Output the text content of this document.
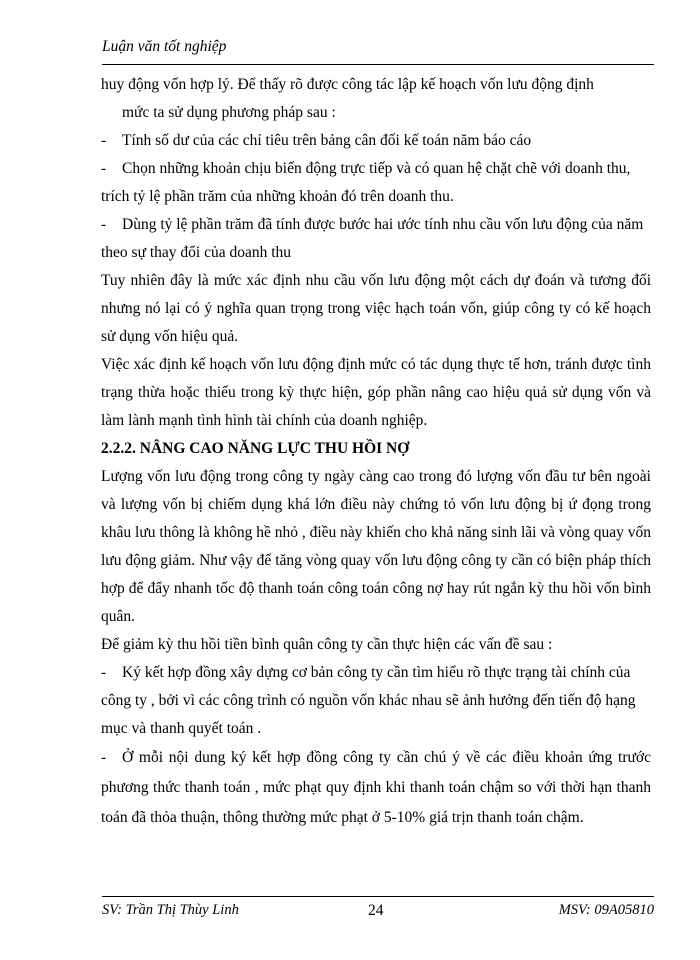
Luận văn tốt nghiệp

huy động vốn hợp lý. Để thấy rõ được công tác lập kế hoạch vốn lưu động định

mức ta sử dụng phương pháp sau :

-	Tính số dư của các chỉ tiêu trên bảng cân đối kế toán năm báo cáo
- Chọn những khoản chịu biến động trực tiếp và có quan hệ chặt chẽ với doanh thu, trích tỷ lệ phần trăm của những khoản đó trên doanh thu.
- Dùng tỷ lệ phần trăm đã tính được bước hai ước tính nhu cầu vốn lưu động của năm theo sự thay đổi của doanh thu

Tuy nhiên đây là mức xác định nhu cầu vốn lưu động một cách dự đoán và tương đối nhưng nó lại có ý nghĩa quan trọng trong việc hạch toán vốn, giúp công ty có kế hoạch sử dụng vốn hiệu quả.

Việc xác định kế hoạch vốn lưu động định mức có tác dụng thực tế hơn, tránh được tình trạng thừa hoặc thiếu trong kỳ thực hiện, góp phần nâng cao hiệu quả sử dụng vốn và làm lành mạnh tình hình tài chính của doanh nghiệp.

2.2.2. NÂNG CAO NĂNG LỰC THU HỒI NỢ

Lượng vốn lưu động trong công ty ngày càng cao trong đó lượng vốn đầu tư bên ngoài và lượng vốn bị chiếm dụng khá lớn điều này chứng tỏ vốn lưu động bị ứ đọng trong khâu lưu thông là không hề nhỏ , điều này khiến cho khả năng sinh lãi và vòng quay vốn lưu động giảm. Như vậy để tăng vòng quay vốn lưu động công ty cần có biện pháp thích hợp để đẩy nhanh tốc độ thanh toán công toán công nợ hay rút ngắn kỳ thu hồi vốn bình quân.

Để giảm kỳ thu hồi tiền bình quân công ty cần thực hiện các vấn đề sau :

- Ký kết hợp đồng xây dựng cơ bản công ty cần tìm hiểu rõ thực trạng tài chính của công ty , bởi vì các công trình có nguồn vốn khác nhau sẽ ảnh hưởng đến tiến độ hạng mục và thanh quyết toán .
- Ở mỗi nội dung ký kết hợp đồng công ty cần chú ý về các điều khoản ứng trước phương thức thanh toán , mức phạt quy định khi thanh toán chậm so với thời hạn thanh toán đã thỏa thuận, thông thường mức phạt ở 5-10% giá trịn thanh toán chậm.
SV: Trần Thị Thùy Linh	24	MSV: 09A05810
